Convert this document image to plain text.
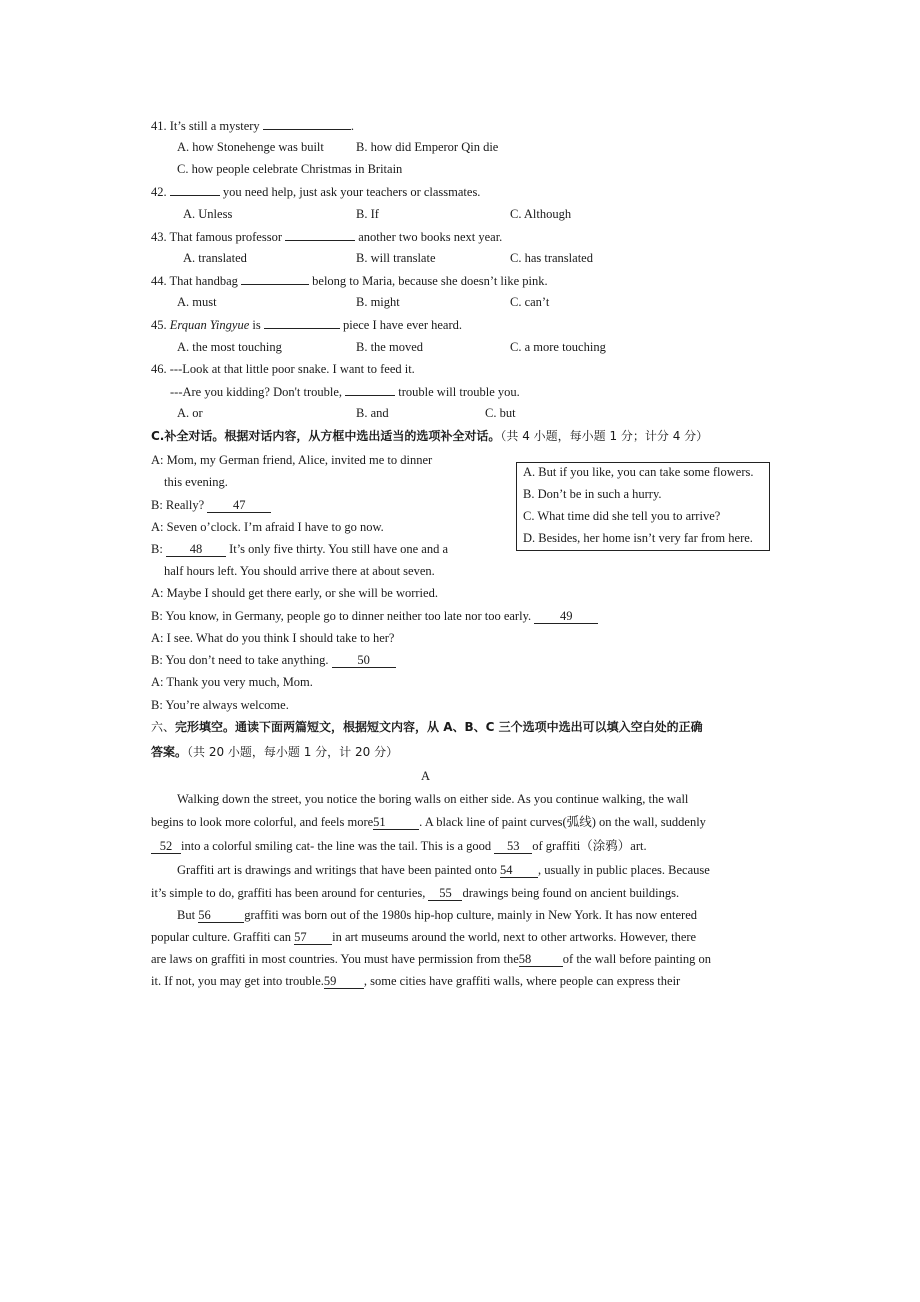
41. It’s still a mystery	.
A. how Stonehenge was built	B. how did Emperor Qin die
C. how people celebrate Christmas in Britain
42.	you need help, just ask your teachers or classmates.
A. Unless	B. If	C. Although
43. That famous professor	another two books next year.
A. translated	B. will translate	C. has translated
44. That handbag	belong to Maria, because she doesn’t like pink.
A. must	B. might	C. can’t
45. Erquan Yingyue is	piece I have ever heard.
A. the most touching	B. the moved	C. a more touching
46. ---Look at that little poor snake. I want to feed it.
---Are you kidding? Don't trouble,	trouble will trouble you.
A. or	B. and	C. but
C.补全对话。根据对话内容，从方框中选出适当的选项补全对话。（共 4 小题，每小题 1 分；计分 4 分）
A: Mom, my German friend, Alice, invited me to dinner
this evening.
B: Really? 47
A: Seven o’clock. I’m afraid I have to go now.
B: 48 It’s only five thirty. You still have one and a
half hours left. You should arrive there at about seven.
A: Maybe I should get there early, or she will be worried.
B: You know, in Germany, people go to dinner neither too late nor too early. 49
A: I see. What do you think I should take to her?
B: You don’t need to take anything. 50
A: Thank you very much, Mom.
B: You’re always welcome.
A. But if you like, you can take some flowers.
B. Don’t be in such a hurry.
C. What time did she tell you to arrive?
D. Besides, her home isn’t very far from here.
六、完形填空。通读下面两篇短文，根据短文内容，从 A、B、C 三个选项中选出可以填入空白处的正确
答案。（共 20 小题，每小题 1 分，计 20 分）
A
Walking down the street, you notice the boring walls on either side. As you continue walking, the wall
begins to look more colorful, and feels more51	. A black line of paint curves(弧线) on the wall, suddenly
52 into a colorful smiling cat- the line was the tail. This is a good 53 of graffiti（涂鸦）art.
Graffiti art is drawings and writings that have been painted onto 54 , usually in public places. Because
it’s simple to do, graffiti has been around for centuries, 55 drawings being found on ancient buildings.
But 56	graffiti was born out of the 1980s hip-hop culture, mainly in New York. It has now entered
popular culture. Graffiti can 57 in art museums around the world, next to other artworks. However, there
are laws on graffiti in most countries. You must have permission from the58	of the wall before painting on
it. If not, you may get into trouble.59 , some cities have graffiti walls, where people can express their
